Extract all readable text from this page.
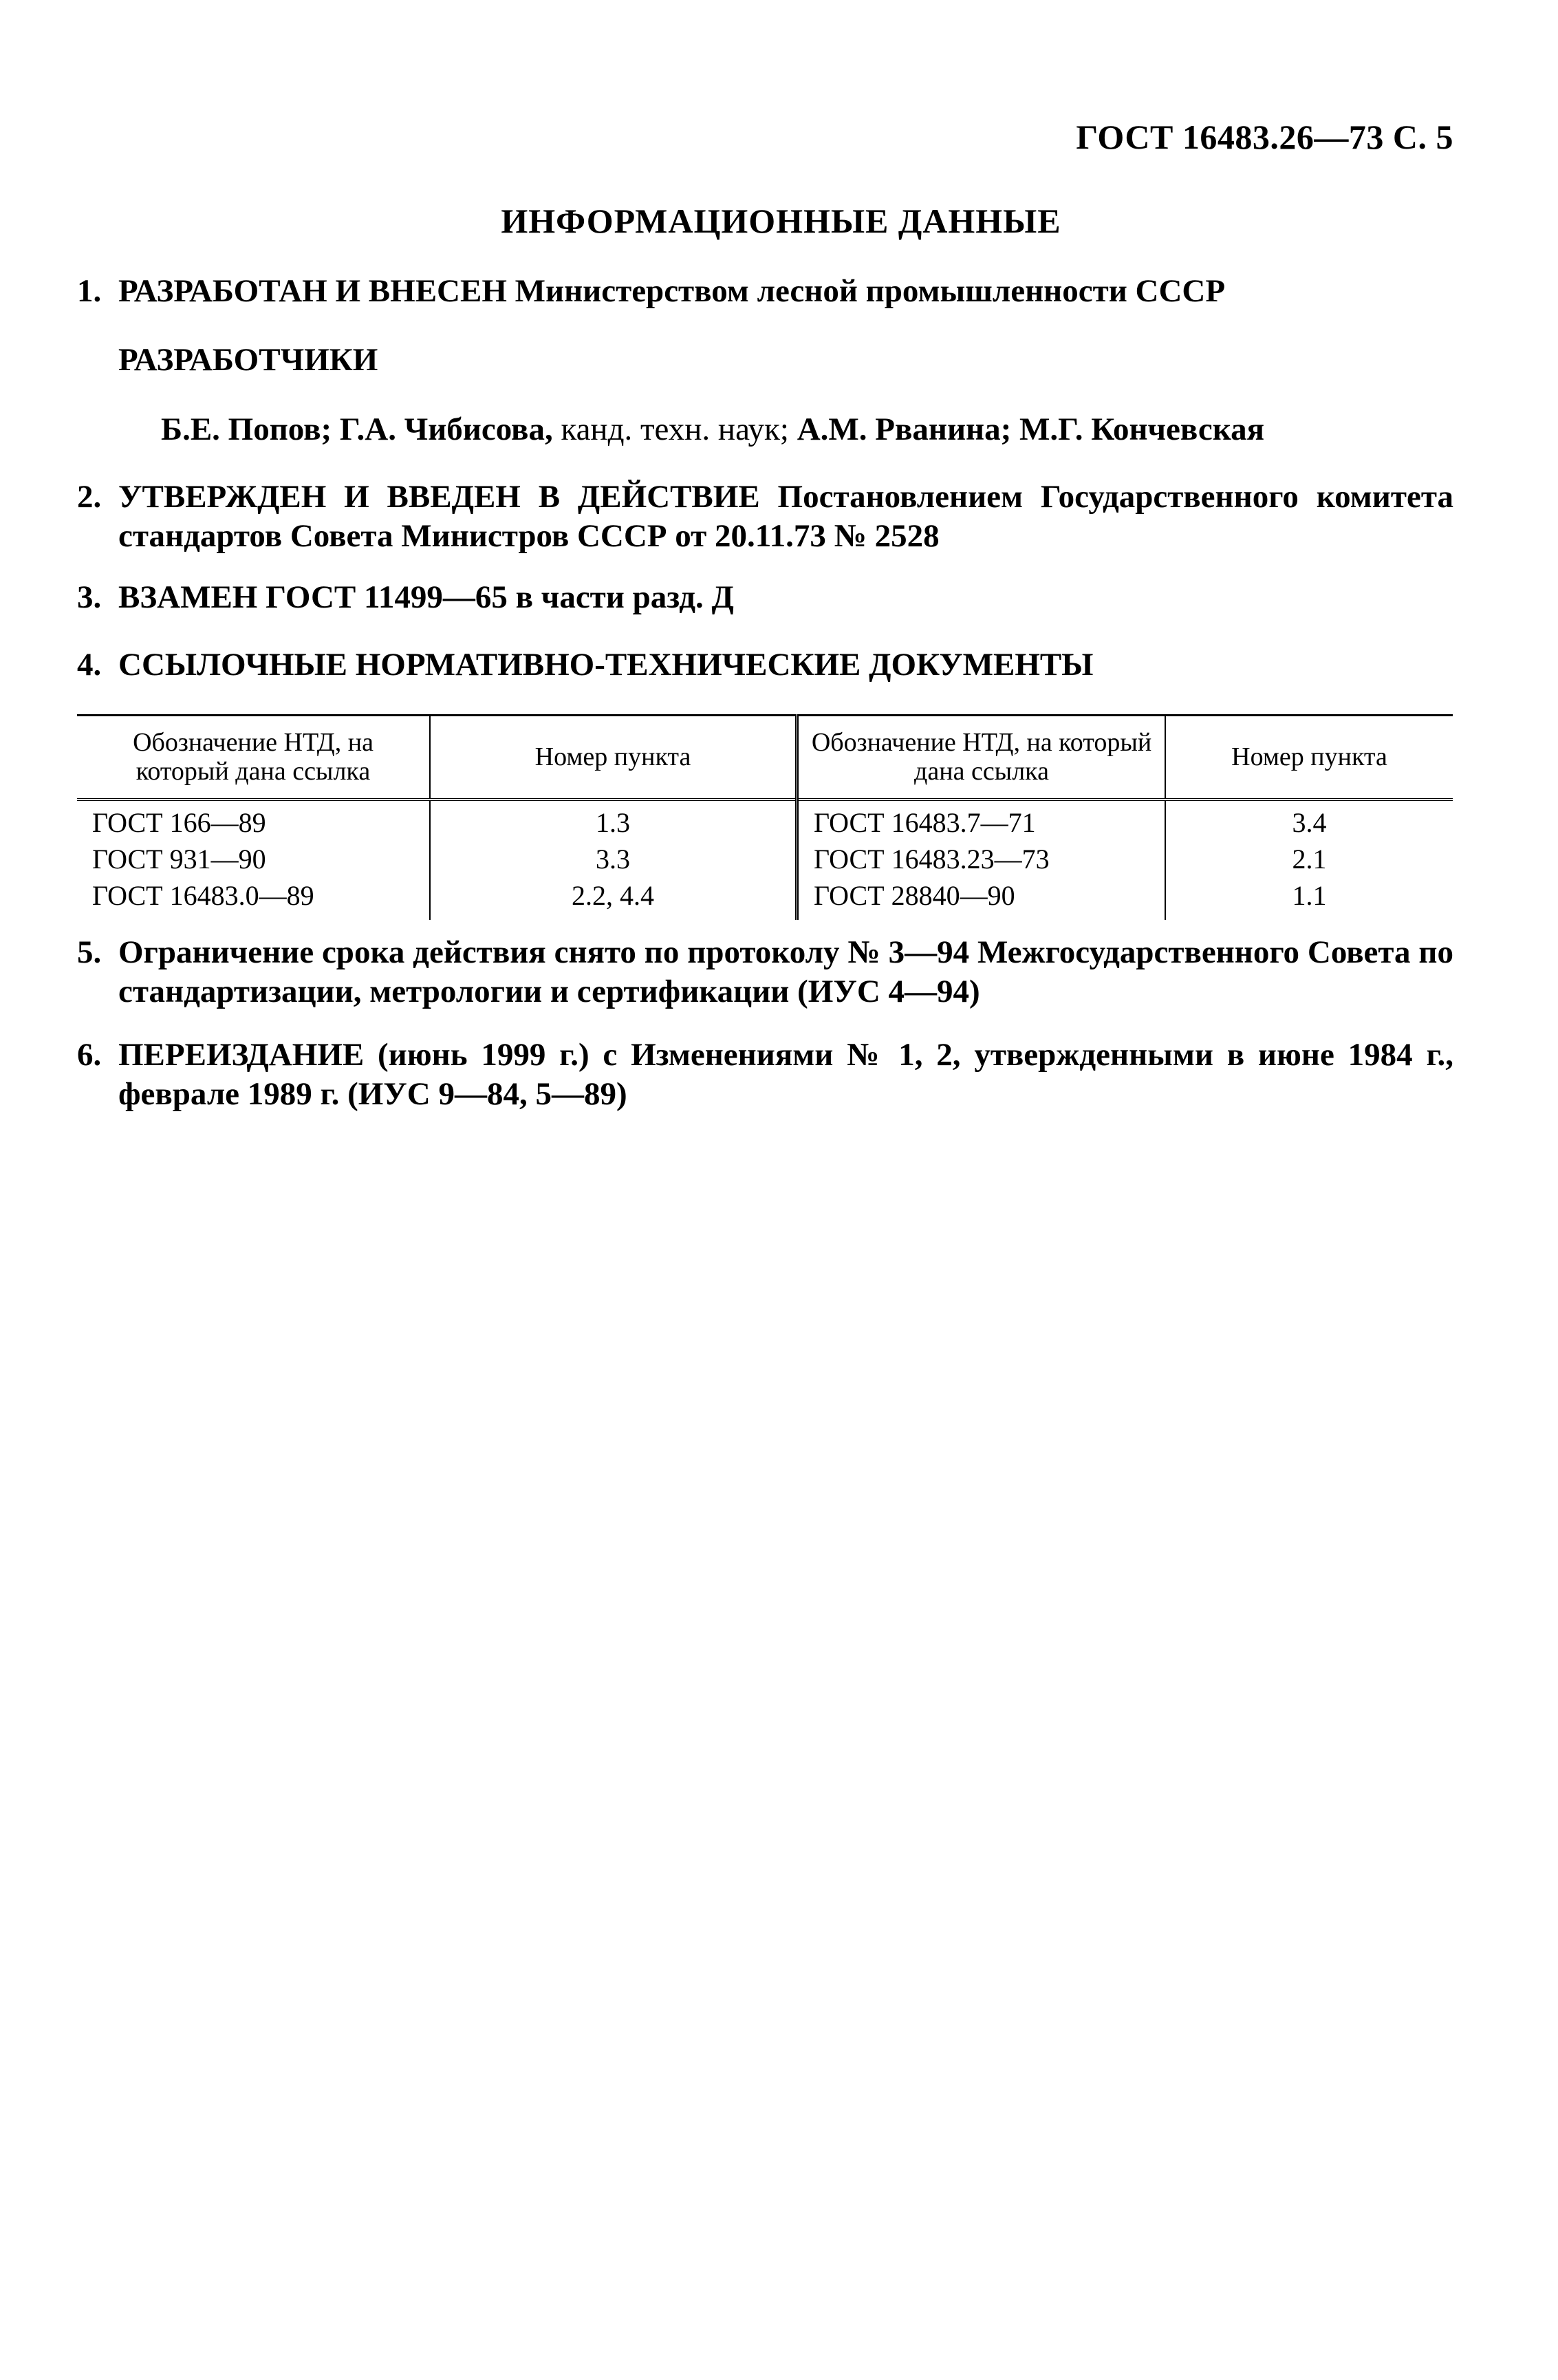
ГОСТ 16483.26—73 С. 5
ИНФОРМАЦИОННЫЕ ДАННЫЕ
1. РАЗРАБОТАН И ВНЕСЕН Министерством лесной промышленности СССР
РАЗРАБОТЧИКИ
Б.Е. Попов; Г.А. Чибисова, канд. техн. наук; А.М. Рванина; М.Г. Кончевская
2. УТВЕРЖДЕН И ВВЕДЕН В ДЕЙСТВИЕ Постановлением Государственного комитета стандартов Совета Министров СССР от 20.11.73 № 2528
3. ВЗАМЕН ГОСТ 11499—65 в части разд. Д
4. ССЫЛОЧНЫЕ НОРМАТИВНО-ТЕХНИЧЕСКИЕ ДОКУМЕНТЫ
Обозначение НТД, на который дана ссылка	Номер пункта	Обозначение НТД, на который дана ссылка	Номер пункта
ГОСТ 166—89	1.3	ГОСТ 16483.7—71	3.4
ГОСТ 931—90	3.3	ГОСТ 16483.23—73	2.1
ГОСТ 16483.0—89	2.2, 4.4	ГОСТ 28840—90	1.1
5. Ограничение срока действия снято по протоколу № 3—94 Межгосударственного Совета по стандартизации, метрологии и сертификации (ИУС 4—94)
6. ПЕРЕИЗДАНИЕ (июнь 1999 г.) с Изменениями № 1, 2, утвержденными в июне 1984 г., феврале 1989 г. (ИУС 9—84, 5—89)
